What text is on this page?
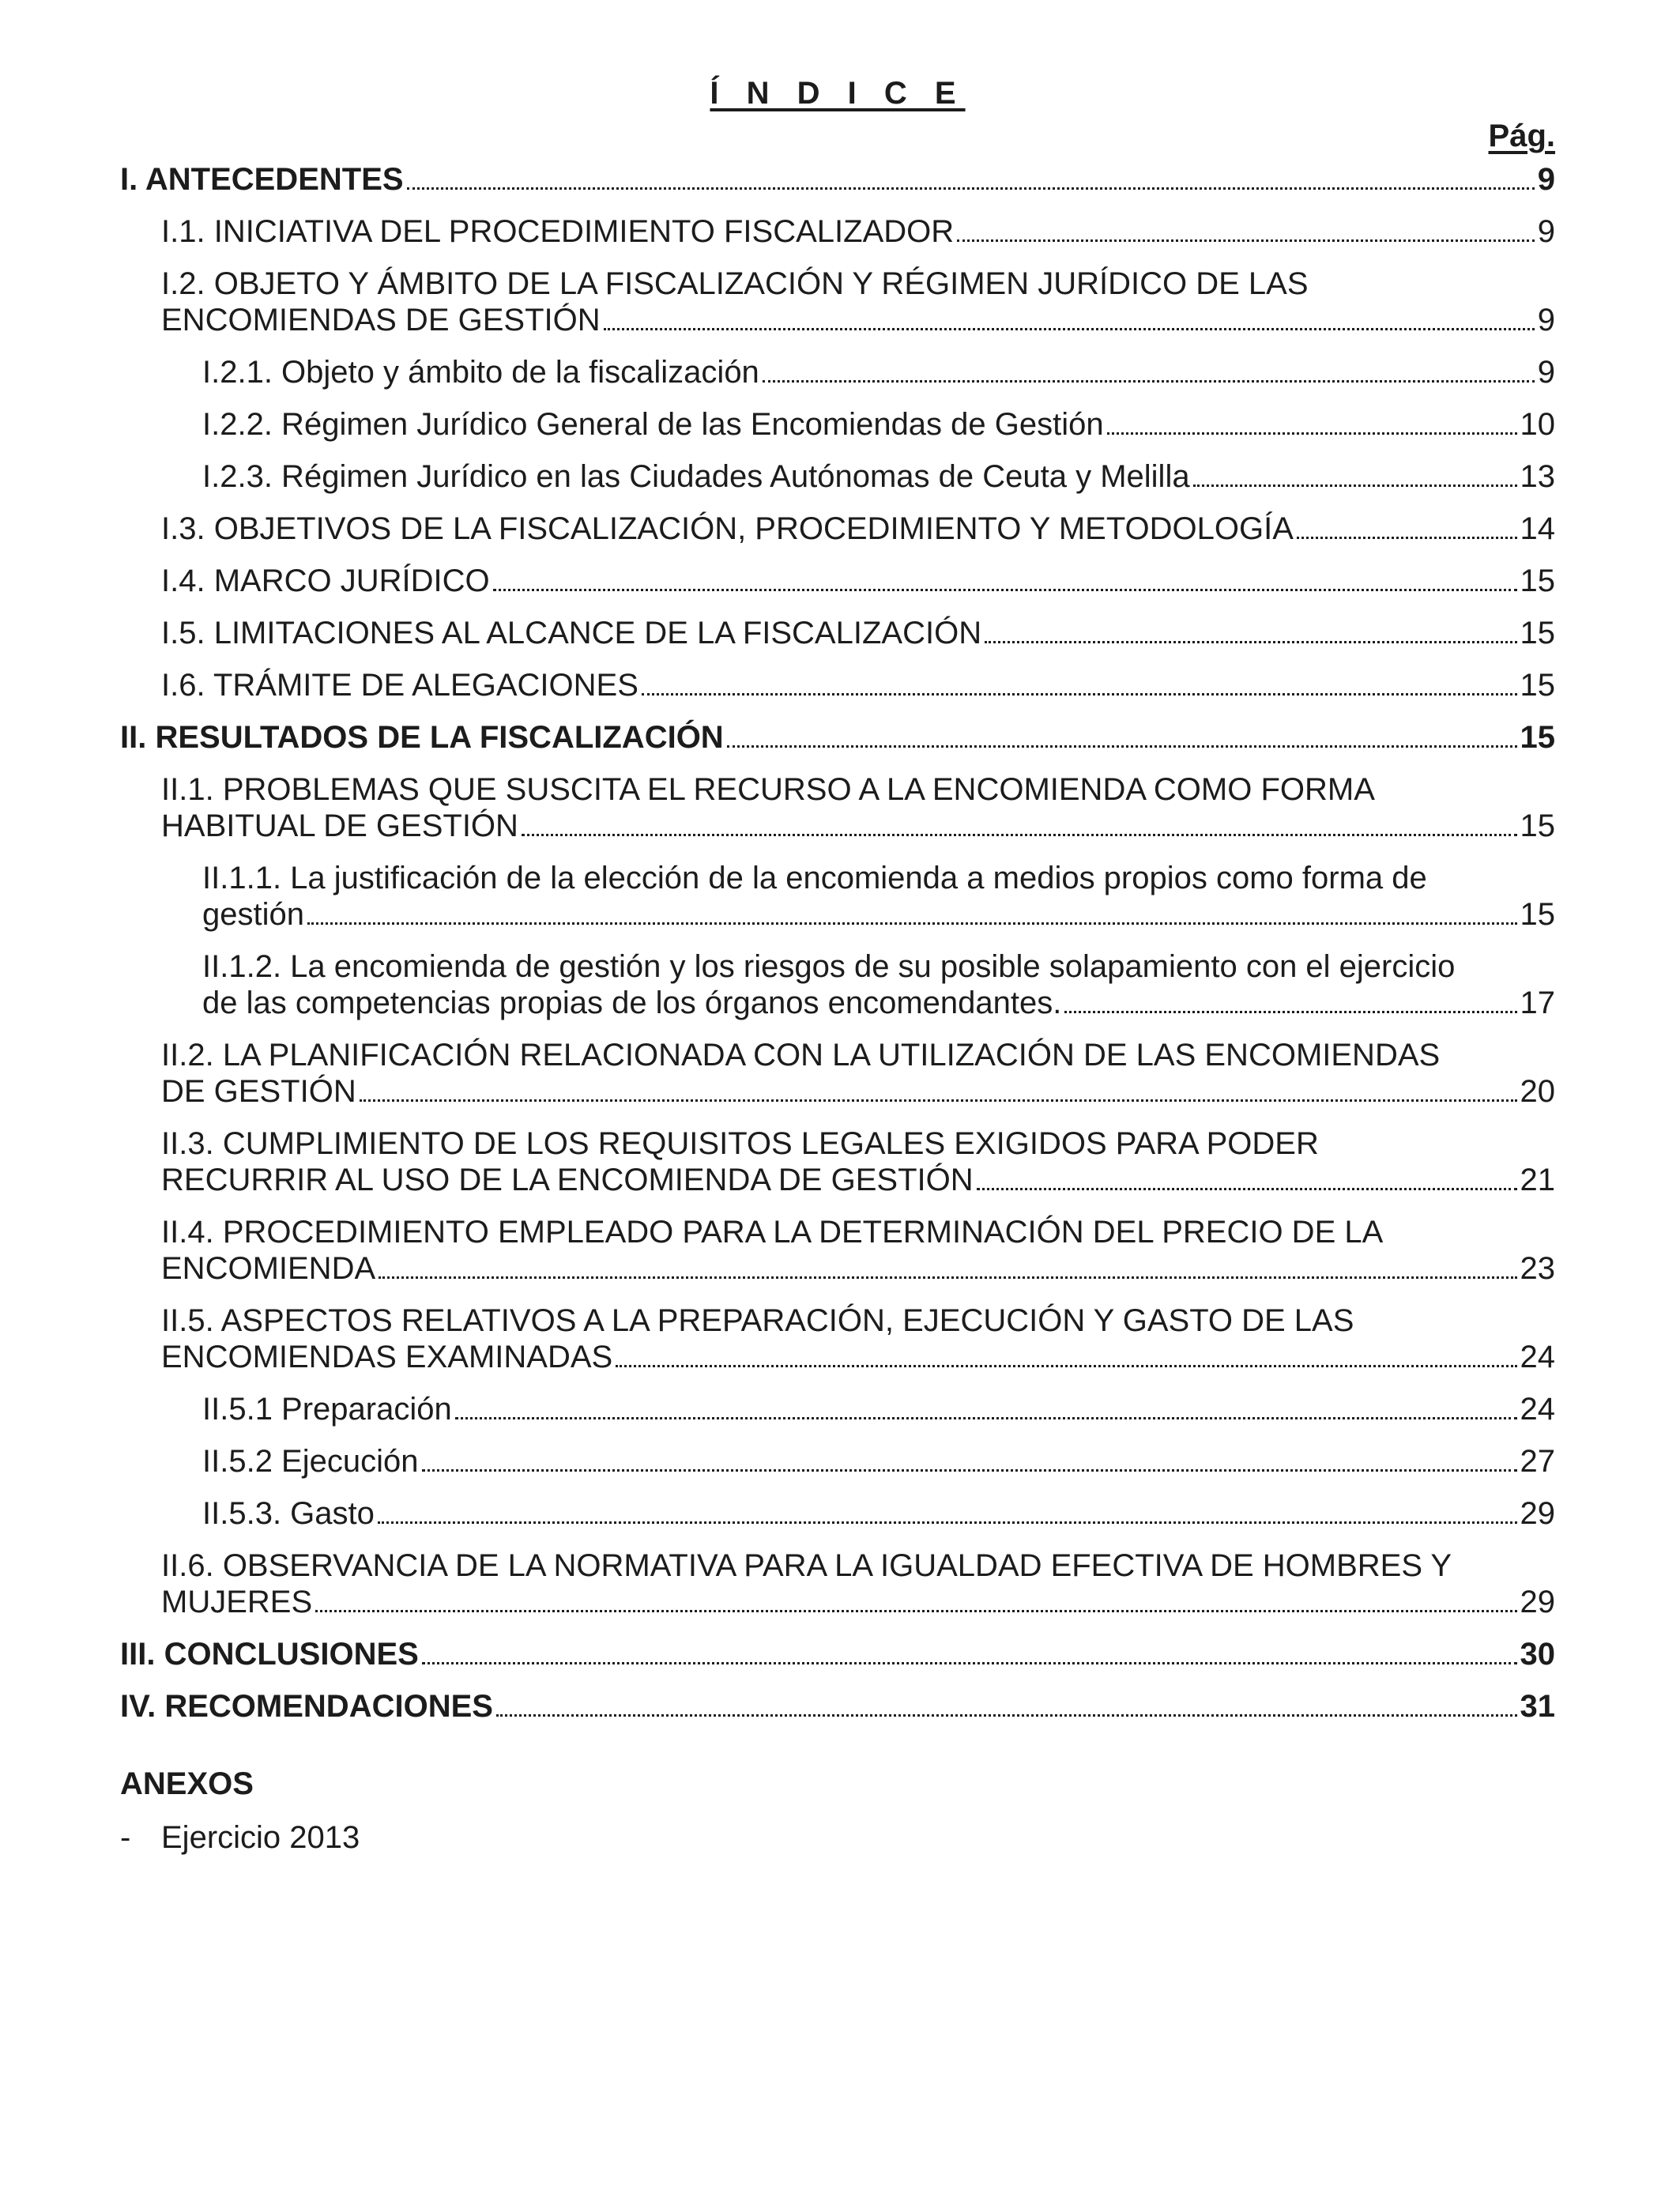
Í N D I C E
Pág.
I. ANTECEDENTES	9
I.1. INICIATIVA DEL PROCEDIMIENTO FISCALIZADOR	9
I.2. OBJETO Y ÁMBITO DE LA FISCALIZACIÓN Y RÉGIMEN JURÍDICO DE LAS
ENCOMIENDAS DE GESTIÓN	9
I.2.1. Objeto y ámbito de la fiscalización	9
I.2.2. Régimen Jurídico General de las Encomiendas de Gestión	10
I.2.3. Régimen Jurídico en las Ciudades Autónomas de Ceuta y Melilla	13
I.3. OBJETIVOS DE LA FISCALIZACIÓN, PROCEDIMIENTO Y METODOLOGÍA	14
I.4. MARCO JURÍDICO	15
I.5. LIMITACIONES AL ALCANCE DE LA FISCALIZACIÓN	15
I.6. TRÁMITE DE ALEGACIONES	15
II. RESULTADOS DE LA FISCALIZACIÓN	15
II.1. PROBLEMAS QUE SUSCITA EL RECURSO A LA ENCOMIENDA COMO FORMA
HABITUAL DE GESTIÓN	15
II.1.1. La justificación de la elección de la encomienda a medios propios como forma de
gestión	15
II.1.2. La encomienda de gestión y los riesgos de su posible solapamiento con el ejercicio
de las competencias propias de los órganos encomendantes.	17
II.2. LA PLANIFICACIÓN RELACIONADA CON LA UTILIZACIÓN DE LAS ENCOMIENDAS
DE GESTIÓN	20
II.3. CUMPLIMIENTO DE LOS REQUISITOS LEGALES EXIGIDOS PARA PODER
RECURRIR AL USO DE LA ENCOMIENDA DE GESTIÓN	21
II.4. PROCEDIMIENTO EMPLEADO PARA LA DETERMINACIÓN DEL PRECIO DE LA
ENCOMIENDA	23
II.5. ASPECTOS RELATIVOS A LA PREPARACIÓN, EJECUCIÓN Y GASTO DE LAS
ENCOMIENDAS EXAMINADAS	24
II.5.1 Preparación	24
II.5.2 Ejecución	27
II.5.3. Gasto	29
II.6. OBSERVANCIA DE LA NORMATIVA PARA LA IGUALDAD EFECTIVA DE HOMBRES Y
MUJERES	29
III. CONCLUSIONES	30
IV. RECOMENDACIONES	31
ANEXOS
- Ejercicio 2013
